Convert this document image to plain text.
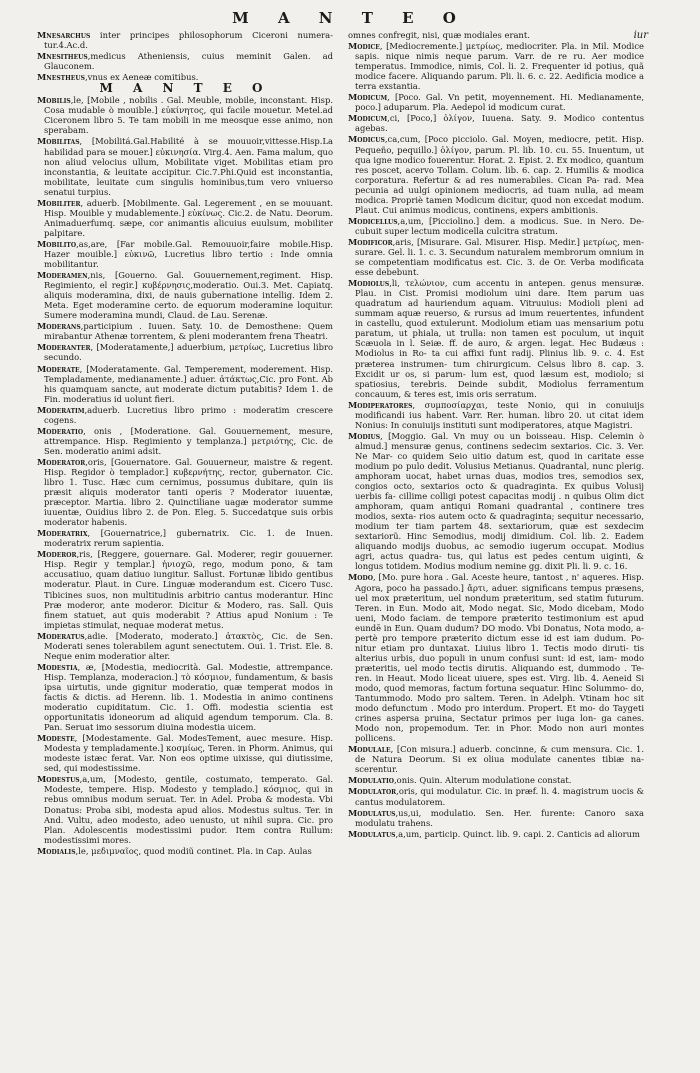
M A N T E O
iur

Mnesarchus inter principes philosophorum Ciceroni numera- tur.4.Ac.d.

Mnesitheus,medicus Atheniensis, cuius meminit Galen. ad Glauconem.

Mnestheus,vnus ex Aeneæ comitibus.

M A N T E O

Mobilis,le, [Mobile , nobilis . Gal. Meuble, mobile, inconstant. Hisp. Cosa mudable ò mouible.] εὐκίνητος, qui facile mouetur. Metel.ad Ciceronem libro 5. Te tam mobili in me meosque esse animo, non sperabam.

Mobilitas, [Mobilitá.Gal.Habilité à se mouuoir,vittesse.Hisp.La habilidad para se mouer.] εὐκινησία. Virg.4. Aen. Fama malum, quo non aliud velocius ullum, Mobilitate viget. Mobilitas etiam pro inconstantia, & leuitate accipitur. Cic.7.Phi.Quid est inconstantia, mobilitate, leuitate cum singulis hominibus,tum vero vniuerso senatui turpius.

Mobiliter, aduerb. [Mobilmente. Gal. Legerement , en se mouuant. Hisp. Mouible y mudablemente.] εὐκίνως. Cic.2. de Natu. Deorum. Animaduerfumq. sæpe, cor animantis alicuius euulsum, mobiliter palpitare.

Mobilito,as,are, [Far mobile.Gal. Remouuoir,faire mobile.Hisp. Hazer mouible.] εὐκινῶ, Lucretius libro tertio : Inde omnia mobilitantur.

Moderamen,nis, [Gouerno. Gal. Gouuernement,regiment. Hisp. Regimiento, el regir.] κυβέρνησις,moderatio. Oui.3. Met. Capiatq. aliquis moderamina, dixi, de nauis gubernatione intellig. Idem 2. Meta. Eget moderamine certo. de equorum moderamine loquitur. Sumere moderamina mundi, Claud. de Lau. Serenæ.

Moderans,participium . Iuuen. Saty. 10. de Demosthene: Quem mirabantur Athenæ torrentem, & pleni moderantem frena Theatri.

Moderanter, [Moderatamente,] aduerbium, μετρίως, Lucretius libro secundo.

Moderate, [Moderatamente. Gal. Temperement, moderement. Hisp. Templadamente, medianamente.] aduer. ἀτάκτως,Cic. pro Font. Ab his quamquam sancte, aut moderate dictum putabitis? Idem 1. de Fin. moderatius id uolunt fieri.

Moderatim,aduerb. Lucretius libro primo : moderatim crescere cogens.

Moderatio, onis , [Moderatione. Gal. Gouuernement, mesure, attrempance. Hisp. Regimiento y templanza.] μετριότης, Cic. de Sen. moderatio animi adsit.

Moderator,oris, [Gouernatore. Gal. Gouuerneur, maistre & regent. Hisp. Regidor ò templador.] κυβερνήτης, rector, gubernator. Cic. libro 1. Tusc. Hæc cum cernimus, possumus dubitare, quin iis præsit aliquis moderator tanti operis ? Moderator iuuentæ, præceptor. Martia. libro 2. Quinctiliane uagæ moderator summe iuuentæ, Ouidius libro 2. de Pon. Eleg. 5. Succedatque suis orbis moderator habenis.

Moderatrix, [Gouernatrice,] gubernatrix. Cic. 1. de Inuen. moderatrix rerum sapientia.

Moderor,ris, [Reggere, gouernare. Gal. Moderer, regir gouuerner. Hisp. Regir y templar.] ἡνιοχῶ, rego, modum pono, & tam accusatiuo, quam datiuo iungitur. Sallust. Fortunæ libido gentibus moderatur. Plaut. in Cure. Linguæ moderandum est. Cicero Tusc. Tibicines suos, non multitudinis arbitrio cantus moderantur. Hinc Præ moderor, ante moderor. Dicitur & Modero, ras. Sall. Quis finem statuet, aut quis moderabit ? Attius apud Nonium : Te impietas stimulat, nequae moderat metus.

Moderatus,adie. [Moderato, moderato.] ἀτακτὸς, Cic. de Sen. Moderati senes tolerabilem agunt senectutem. Oui. 1. Trist. Ele. 8. Neque enim moderatior alter.

Modestia, æ, [Modestia, mediocrità. Gal. Modestie, attrempance. Hisp. Templanza, moderacion.] τὸ κόσμιον, fundamentum, & basis ipsa uirtutis, unde gignitur moderatio, quæ temperat modos in factis & dictis. ad Herenn. lib. 1. Modestia in animo continens moderatio cupiditatum. Cic. 1. Offi. modestia scientia est opportunitatis idoneorum ad aliquid agendum temporum. Cla. 8. Pan. Seruat imo sessorum diuina modestia uicem.

Modeste, [Modestamente. Gal. ModesTement, auec mesure. Hisp. Modesta y templadamente.] κοσμίως, Teren. in Phorm. Animus, qui modeste istæc ferat. Var. Non eos optime uixisse, qui diutissime, sed, qui modestissime.

Modestus,a,um, [Modesto, gentile, costumato, temperato. Gal. Modeste, tempere. Hisp. Modesto y templado.] κόσμιος, qui in rebus omnibus modum seruat. Ter. in Adel. Proba & modesta. Vbi Donatus: Proba sibi, modesta apud alios. Modestus sultus. Ter. in And. Vultu, adeo modesto, adeo uenusto, ut nihil supra. Cic. pro Plan. Adolescentis modestissimi pudor. Item contra Rullum: modestissimi mores.

Modialis,le, μεδιμναῖος, quod modiũ continet. Pla. in Cap. Aulas

omnes confregit, nisi, quæ modiales erant.

Modice, [Mediocremente.] μετρίως, mediocriter. Pla. in Mil. Modice sapis. nique nimis neque parum. Varr. de re ru. Aer modice temperatus. Immodice, nimis, Col. li. 2. Frequenter id potius, quã modice facere. Aliquando parum. Pli. li. 6. c. 22. Aedificia modice a terra exstantia.

Modicum, [Poco. Gal. Vn petit, moyennement. Hi. Medianamente, poco.] aduparum. Pla. Aedepol id modicum curat.

Modicum,ci, [Poco,] ὀλίγον, Iuuena. Saty. 9. Modico contentus agebas.

Modicus,ca,cum, [Poco picciolo. Gal. Moyen, mediocre, petit. Hisp. Pequeño, pequillo.] ὀλίγον, parum. Pl. lib. 10. cu. 55. Inuentum, ut qua igne modico fouerentur. Horat. 2. Epist. 2. Ex modico, quantum res poscet, acervo Tollam. Colum. lib. 6. cap. 2. Humilis & modica corporatura. Refertur & ad res numerabiles. Cican Pa- rad. Mea pecunia ad uulgi opinionem mediocris, ad tuam nulla, ad meam modica. Propriè tamen Modicum dicitur, quod non excedat modum. Plaut. Cui animus modicus, continens, expers ambitionis.

Modicellus,a,um, [Picciolino.] dem. a modicus. Sue. in Nero. De- cubuit super lectum modicella culcitra stratum.

Modificor,aris, [Misurare. Gal. Misurer. Hisp. Medir.] μετρίως, men- surare. Gel. li. 1. c. 3. Secundum naturalem membrorum omnium in se competentiam modificatus est. Cic. 3. de Or. Verba modificata esse debebunt.

Modiolus,li, τελώνιον, cum accentu in antepen. genus mensuræ. Plau. in Cist. Promisi modiolum uini dare. Item parum uas quadratum ad hauriendum aquam. Vitruuius: Modioli pleni ad summam aquæ reuerso, & rursus ad imum reuertentes, infundent in castellu, quod extulerunt. Modiolum etiam uas mensarium potu paratum, ut phiala, ut trulla: non tamen est poculum, ut inquit Scæuola in l. Seiæ. ff. de auro, & argen. legat. Hec Budæus : Modiolus in Ro- ta cui affixi funt radij. Plinius lib. 9. c. 4. Est præterea instrumen- tum chirurgicum. Celsus libro 8. cap. 3. Excidit ur os, si parum- lum est, quod læsum est, modiolo; si spatiosius, terebris. Deinde subdit, Modiolus ferramentum concauum, & teres est, imis oris serratum.

Modiperatores, συμποσίαρχαι, teste Nonio, qui in conuiuijs modificandi ius habent. Varr. Rer. human. libro 20. ut citat idem Nonius: In conuiuijs instituti sunt modiperatores, atque Magistri.

Modius, [Moggio. Gal. Vn muy ou un boisseau. Hisp. Celemin ò almud.] mensuræ genus, continens sedecim sextarios. Cic. 3. Ver. Ne Mar- co quidem Seio uitio datum est, quod in caritate esse modium po pulo dedit. Volusius Metianus. Quadrantal, nunc plerig. amphoram uocat, habet urnas duas, modios tres, semodios sex, congios octo, sextarios octo & quadraginta. Ex quibus Volusij uerbis fa- cillime colligi potest capacitas modij . n quibus Olim dict amphoram, quam antiqui Romani quadrantal , continere tres modios, sexta- rios autem octo & quadraginta; sequitur necessario, modium ter tiam partem 48. sextariorum, quæ est sexdecim sextariorũ. Hinc Semodius, modij dimidium. Col. lib. 2. Eadem aliquando modijs duobus, ac semodio iugerum occupat. Modius agri, actus quadra- tus, qui latus est pedes centum uiginti, & longus totidem. Modius modium nemine gg. dixit Pli. li. 9. c. 16.

Modo, [Mo. pure hora . Gal. Aceste heure, tantost , n' aqueres. Hisp. Agora, poco ha passado.] ἄρτι, aduer. significans tempus præsens, uel mox præteritum, uel nondum præteritum, sed statim futurum. Teren. in Eun. Modo ait, Modo negat. Sic, Modo dicebam, Modo ueni, Modo faciam. de tempore præterito testimonium est apud eundē in Eun. Quam dudum? DO modo. Vbi Donatus, Nota modo, a- pertè pro tempore præterito dictum esse id est iam dudum. Po- nitur etiam pro duntaxat. Liuius libro 1. Tectis modo diruti- tis alterius urbis, duo populi in unum confusi sunt: id est, iam- modo præteritis, uel modo tectis dirutis. Aliquando est, dummodo . Te- ren. in Heaut. Modo liceat uiuere, spes est. Virg. lib. 4. Aeneid Si modo, quod memoras, factum fortuna sequatur. Hinc Solummo- do, Tantummodo. Modo pro saltem. Teren. in Adelph. Vtinam hoc sit modo defunctum . Modo pro interdum. Propert. Et mo- do Taygeti crines aspersa pruina, Sectatur primos per iuga lon- ga canes. Modo non, propemodum. Ter. in Phor. Modo non auri montes pollicens.

Modulale, [Con misura.] aduerb. concinne, & cum mensura. Cic. 1. de Natura Deorum. Si ex oliua modulate canentes tibiæ na- scerentur.

Modulatio,onis. Quin. Alterum modulatione constat.

Modulator,oris, qui modulatur. Cic. in præf. li. 4. magistrum uocis & cantus modulatorem.

Modulatus,us,ui, modulatio. Sen. Her. furente: Canoro saxa modulatu trahens.

Modulatus,a,um, particip. Quinct. lib. 9. capi. 2. Canticis ad aliorum
